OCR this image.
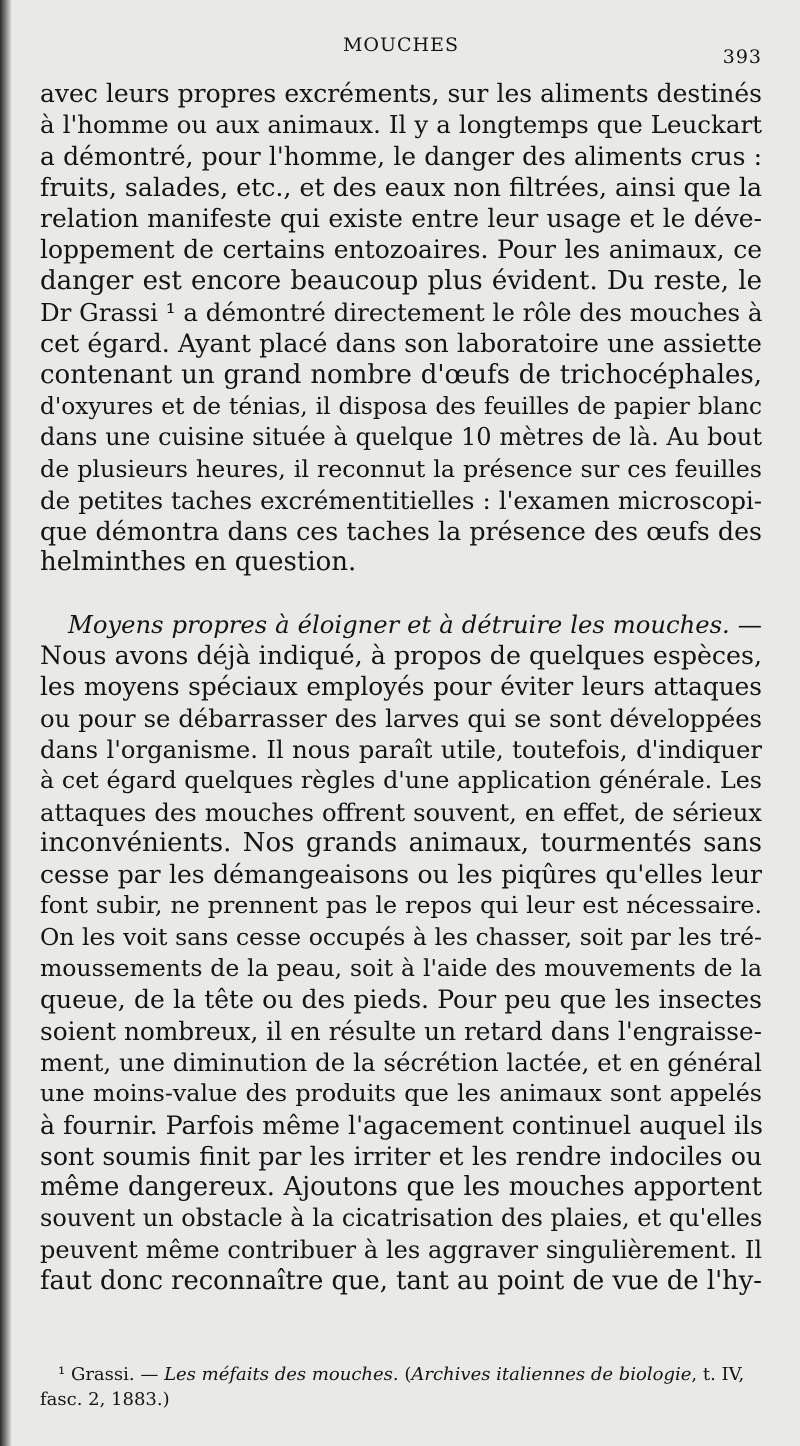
MOUCHES
393
avec leurs propres excréments, sur les aliments destinés
à l'homme ou aux animaux. Il y a longtemps que Leuckart
a démontré, pour l'homme, le danger des aliments crus :
fruits, salades, etc., et des eaux non filtrées, ainsi que la
relation manifeste qui existe entre leur usage et le déve-
loppement de certains entozoaires. Pour les animaux, ce
danger est encore beaucoup plus évident. Du reste, le
Dr Grassi ¹ a démontré directement le rôle des mouches à
cet égard. Ayant placé dans son laboratoire une assiette
contenant un grand nombre d'œufs de trichocéphales,
d'oxyures et de ténias, il disposa des feuilles de papier blanc
dans une cuisine située à quelque 10 mètres de là. Au bout
de plusieurs heures, il reconnut la présence sur ces feuilles
de petites taches excrémentitielles : l'examen microscopi-
que démontra dans ces taches la présence des œufs des
helminthes en question.
Moyens propres à éloigner et à détruire les mouches. —
Nous avons déjà indiqué, à propos de quelques espèces,
les moyens spéciaux employés pour éviter leurs attaques
ou pour se débarrasser des larves qui se sont développées
dans l'organisme. Il nous paraît utile, toutefois, d'indiquer
à cet égard quelques règles d'une application générale. Les
attaques des mouches offrent souvent, en effet, de sérieux
inconvénients. Nos grands animaux, tourmentés sans
cesse par les démangeaisons ou les piqûres qu'elles leur
font subir, ne prennent pas le repos qui leur est nécessaire.
On les voit sans cesse occupés à les chasser, soit par les tré-
moussements de la peau, soit à l'aide des mouvements de la
queue, de la tête ou des pieds. Pour peu que les insectes
soient nombreux, il en résulte un retard dans l'engraisse-
ment, une diminution de la sécrétion lactée, et en général
une moins-value des produits que les animaux sont appelés
à fournir. Parfois même l'agacement continuel auquel ils
sont soumis finit par les irriter et les rendre indociles ou
même dangereux. Ajoutons que les mouches apportent
souvent un obstacle à la cicatrisation des plaies, et qu'elles
peuvent même contribuer à les aggraver singulièrement. Il
faut donc reconnaître que, tant au point de vue de l'hy-
¹ Grassi. — Les méfaits des mouches. (Archives italiennes de biologie, t. IV,
fasc. 2, 1883.)
